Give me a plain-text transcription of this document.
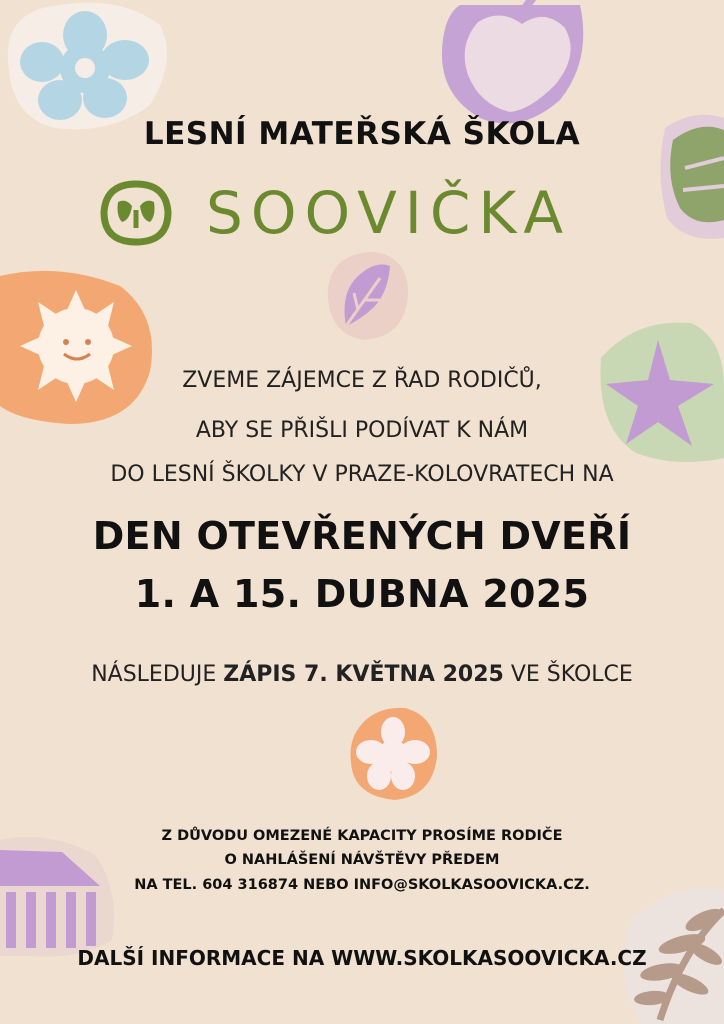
LESNÍ MATEŘSKÁ ŠKOLA
SOOVIČKA
ZVEME ZÁJEMCE Z ŘAD RODIČŮ,
ABY SE PŘIŠLI PODÍVAT K NÁM
DO LESNÍ ŠKOLKY V PRAZE-KOLOVRATECH NA
DEN OTEVŘENÝCH DVEŘÍ
1. A 15. DUBNA 2025
NÁSLEDUJE ZÁPIS 7. KVĚTNA 2025 VE ŠKOLCE
Z DŮVODU OMEZENÉ KAPACITY PROSÍME RODIČE
O NAHLÁŠENÍ NÁVŠTĚVY PŘEDEM
NA TEL. 604 316874 NEBO INFO@SKOLKASOOVICKA.CZ.
DALŠÍ INFORMACE NA WWW.SKOLKASOOVICKA.CZ
